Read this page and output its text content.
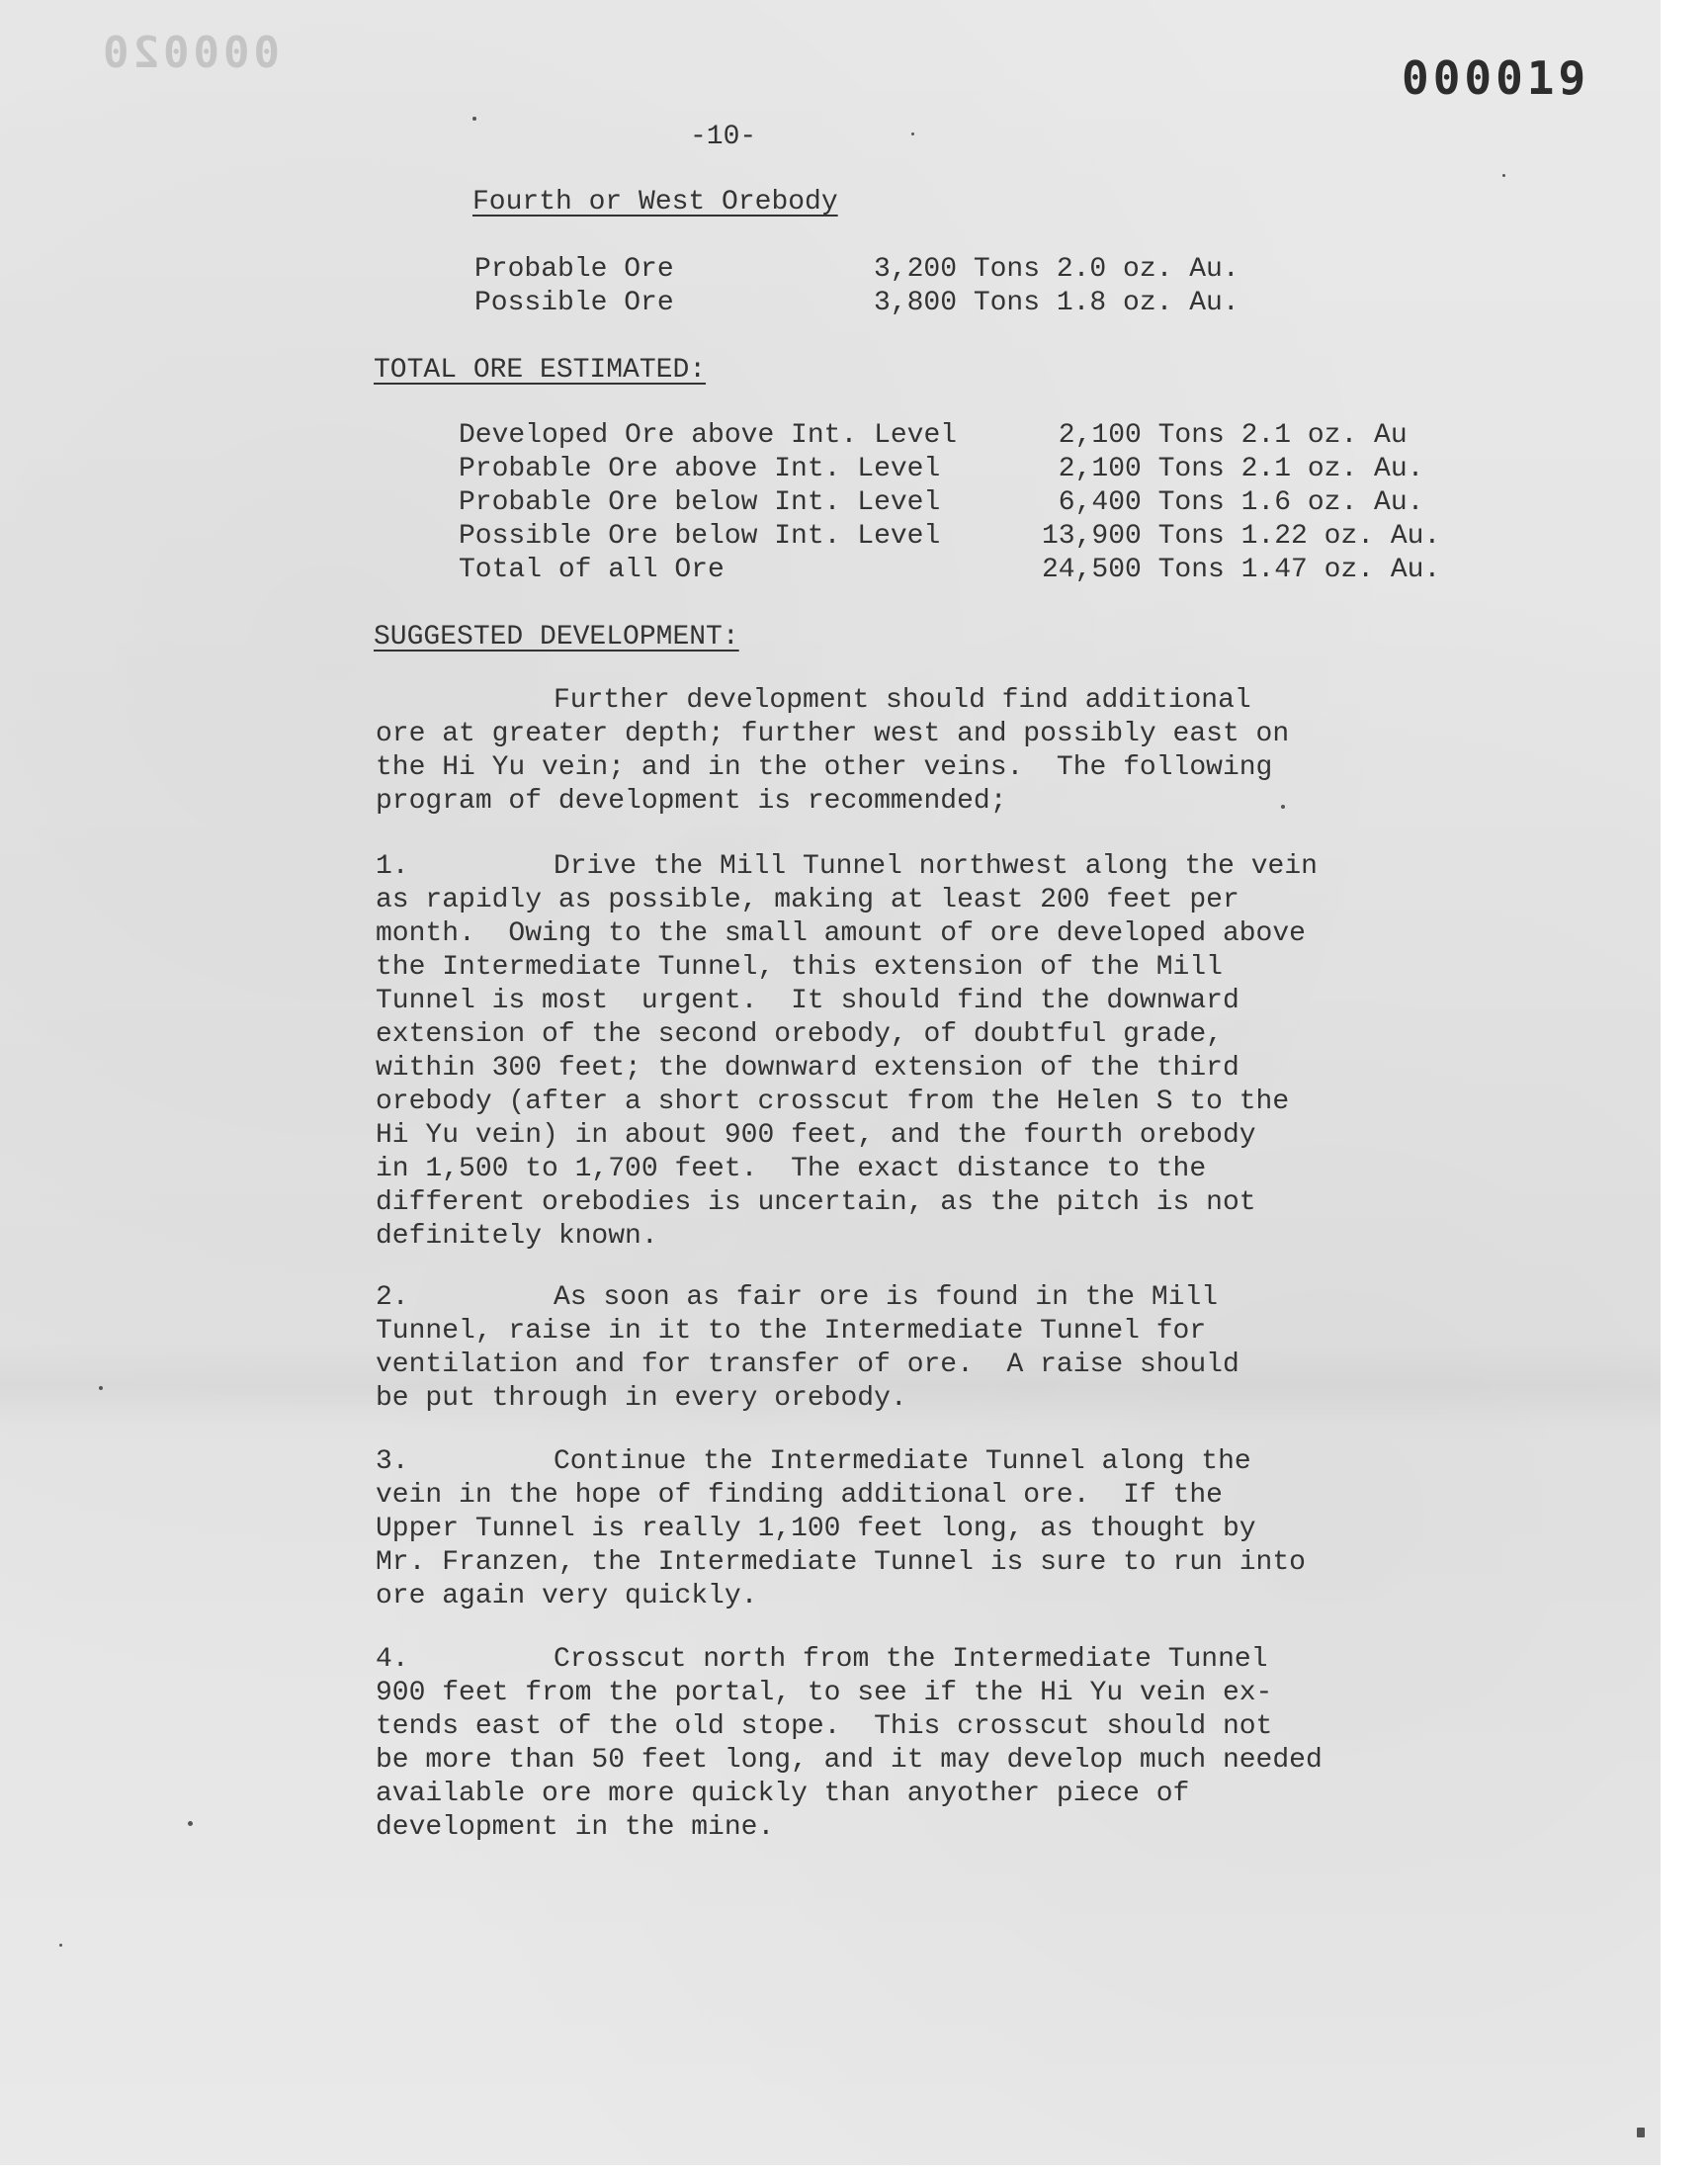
000020	000019
-10-
Fourth or West Orebody
Probable Ore	3,200 Tons 2.0 oz. Au.
Possible Ore	3,800 Tons 1.8 oz. Au.
TOTAL ORE ESTIMATED:
Developed Ore above Int. Level	2,100 Tons 2.1 oz. Au
Probable Ore above Int. Level	2,100 Tons 2.1 oz. Au.
Probable Ore below Int. Level	6,400 Tons 1.6 oz. Au.
Possible Ore below Int. Level	13,900 Tons 1.22 oz. Au.
Total of all Ore	24,500 Tons 1.47 oz. Au.
SUGGESTED DEVELOPMENT:
Further development should find additional
ore at greater depth; further west and possibly east on
the Hi Yu vein; and in the other veins.  The following
program of development is recommended;
1.	Drive the Mill Tunnel northwest along the vein
as rapidly as possible, making at least 200 feet per
month.  Owing to the small amount of ore developed above
the Intermediate Tunnel, this extension of the Mill
Tunnel is most  urgent.  It should find the downward
extension of the second orebody, of doubtful grade,
within 300 feet; the downward extension of the third
orebody (after a short crosscut from the Helen S to the
Hi Yu vein) in about 900 feet, and the fourth orebody
in 1,500 to 1,700 feet.  The exact distance to the
different orebodies is uncertain, as the pitch is not
definitely known.
2.	As soon as fair ore is found in the Mill
Tunnel, raise in it to the Intermediate Tunnel for
ventilation and for transfer of ore.  A raise should
be put through in every orebody.
3.	Continue the Intermediate Tunnel along the
vein in the hope of finding additional ore.  If the
Upper Tunnel is really 1,100 feet long, as thought by
Mr. Franzen, the Intermediate Tunnel is sure to run into
ore again very quickly.
4.	Crosscut north from the Intermediate Tunnel
900 feet from the portal, to see if the Hi Yu vein ex-
tends east of the old stope.  This crosscut should not
be more than 50 feet long, and it may develop much needed
available ore more quickly than anyother piece of
development in the mine.
